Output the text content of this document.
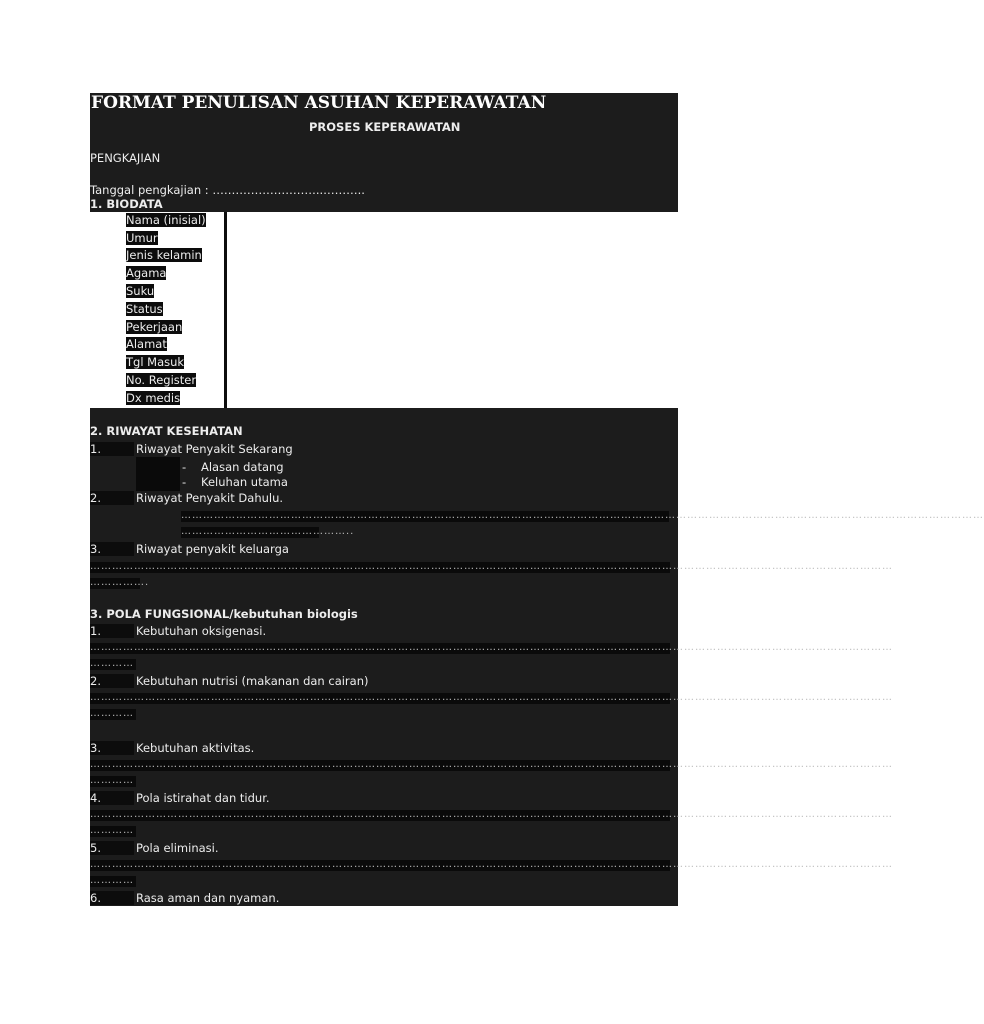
FORMAT PENULISAN ASUHAN KEPERAWATAN
PROSES KEPERAWATAN
PENGKAJIAN
Tanggal pengkajian : ………………………..………..
1. BIODATA
Nama (inisial)
Umur
Jenis kelamin
Agama
Suku
Status
Pekerjaan
Alamat
Tgl Masuk
No. Register
Dx medis
2. RIWAYAT KESEHATAN
1.	Riwayat Penyakit Sekarang
- Alasan datang
- Keluhan utama
2.	Riwayat Penyakit Dahulu.
…………………………………………………………………………………………………………………………………………………………………………………………………
………………………………………..
3.	Riwayat penyakit keluarga
…………………………………………………………………………………………………………………………………………………………………………………………………
…………….
3. POLA FUNGSIONAL/kebutuhan biologis
1.	Kebutuhan oksigenasi.
…………………………………………………………………………………………………………………………………………………………………………………………………
…………
2.	Kebutuhan nutrisi (makanan dan cairan)
…………………………………………………………………………………………………………………………………………………………………………………………………
…………
3.	Kebutuhan aktivitas.
…………………………………………………………………………………………………………………………………………………………………………………………………
…………
4.	Pola istirahat dan tidur.
…………………………………………………………………………………………………………………………………………………………………………………………………
…………
5.	Pola eliminasi.
…………………………………………………………………………………………………………………………………………………………………………………………………
…………
6.	Rasa aman dan nyaman.
